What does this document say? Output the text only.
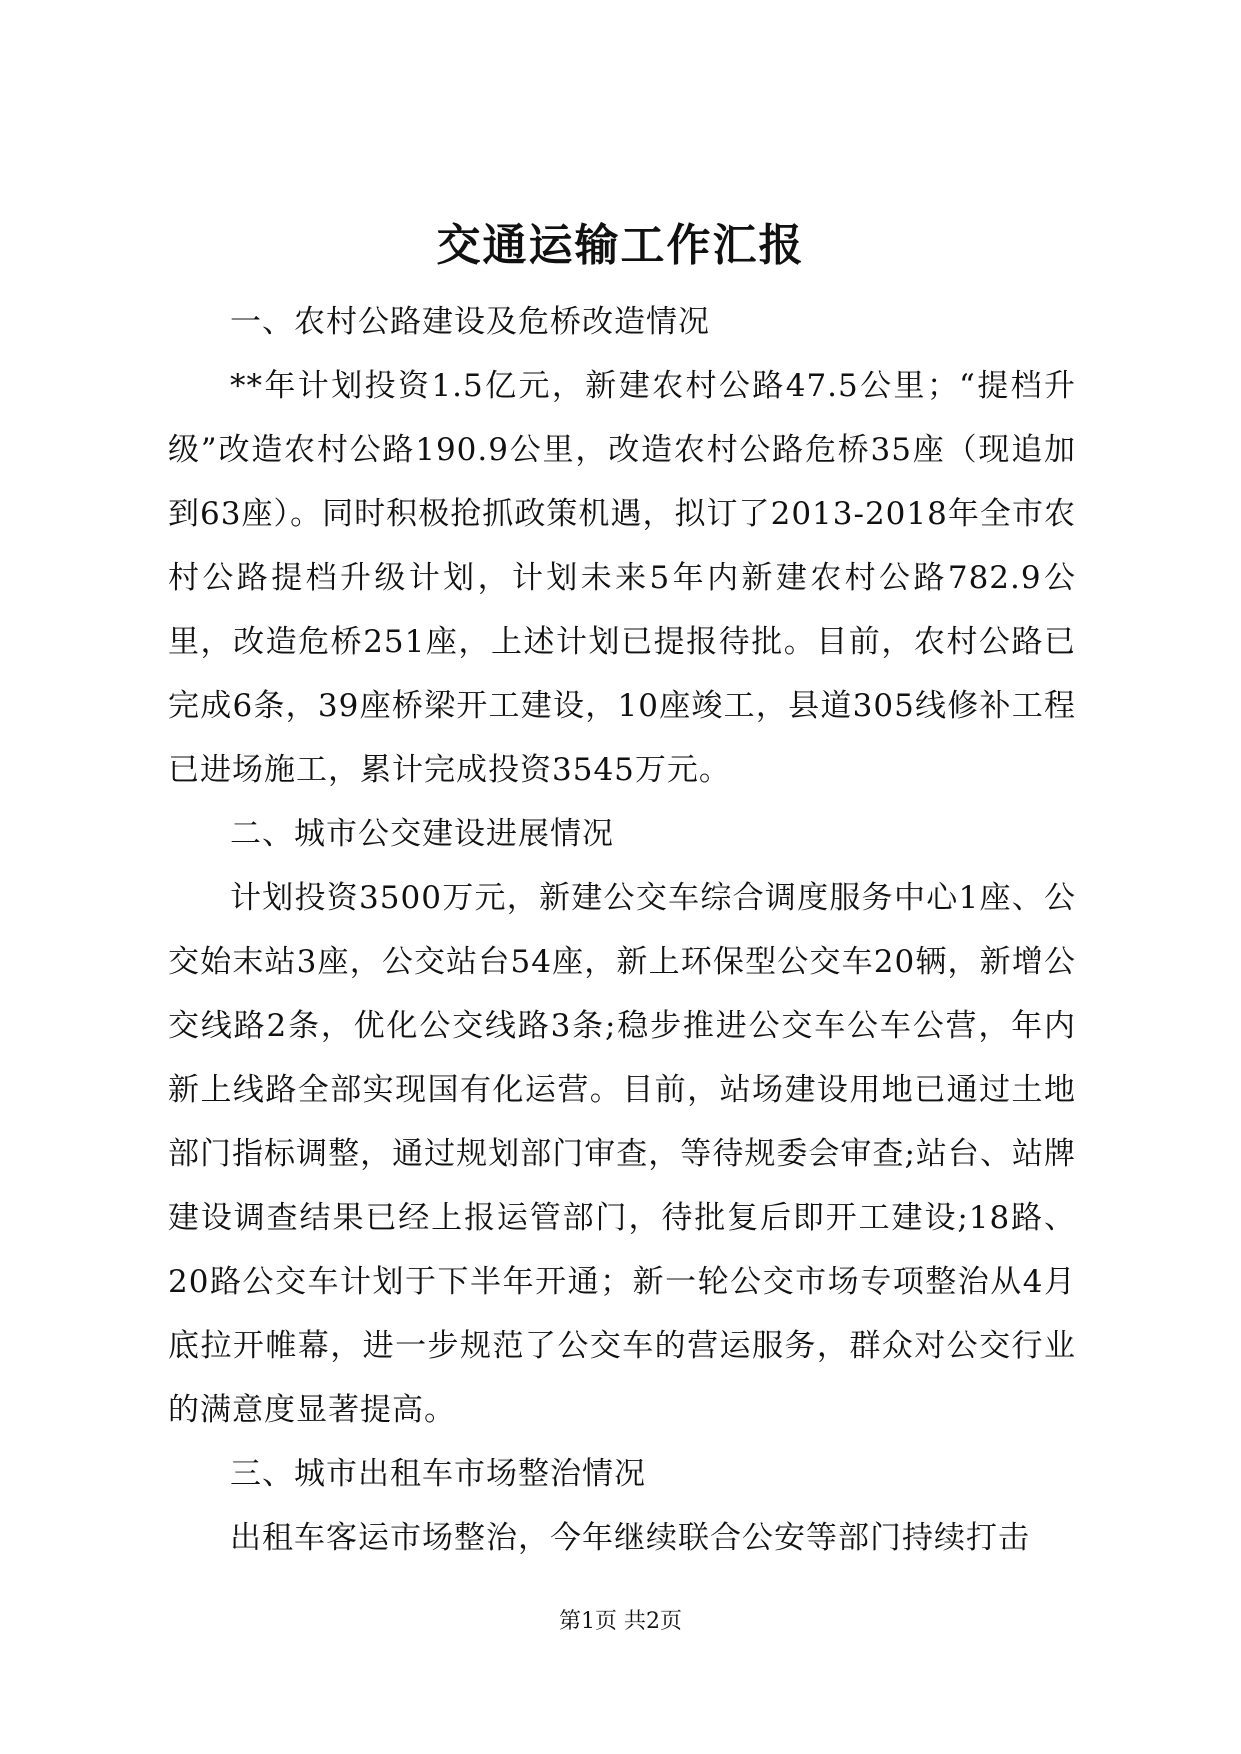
交通运输工作汇报

一、农村公路建设及危桥改造情况

**年计划投资1.5亿元，新建农村公路47.5公里；“提档升级”改造农村公路190.9公里，改造农村公路危桥35座（现追加到63座）。同时积极抢抓政策机遇，拟订了2013-2018年全市农村公路提档升级计划，计划未来5年内新建农村公路782.9公里，改造危桥251座，上述计划已提报待批。目前，农村公路已完成6条，39座桥梁开工建设，10座竣工，县道305线修补工程已进场施工，累计完成投资3545万元。

二、城市公交建设进展情况

计划投资3500万元，新建公交车综合调度服务中心1座、公交始末站3座，公交站台54座，新上环保型公交车20辆，新增公交线路2条，优化公交线路3条;稳步推进公交车公车公营，年内新上线路全部实现国有化运营。目前，站场建设用地已通过土地部门指标调整，通过规划部门审查，等待规委会审查;站台、站牌建设调查结果已经上报运管部门，待批复后即开工建设;18路、20路公交车计划于下半年开通；新一轮公交市场专项整治从4月底拉开帷幕，进一步规范了公交车的营运服务，群众对公交行业的满意度显著提高。

三、城市出租车市场整治情况

出租车客运市场整治，今年继续联合公安等部门持续打击

第1页 共2页
